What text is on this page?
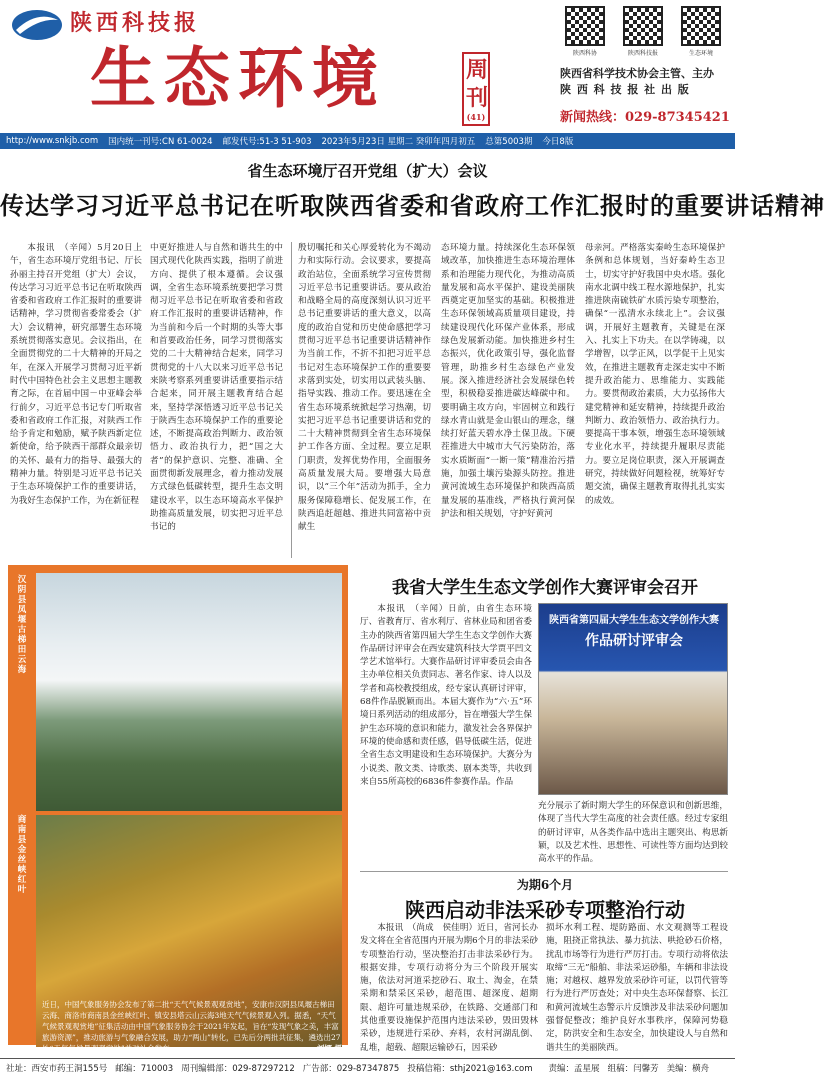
陕西科技报
生态环境	周刊
(41)
陕西科协	陕西科技报	生态环境
陕西省科学技术协会主管、主办
陕 西 科 技 报 社 出 版
新闻热线：029-87345421
http://www.snkjb.com 国内统一刊号:CN 61-0024 邮发代号:51-3 51-903 2023年5月23日 星期二 癸卯年四月初五 总第5003期 今日8版
省生态环境厅召开党组（扩大）会议
传达学习习近平总书记在听取陕西省委和省政府工作汇报时的重要讲话精神

本报讯　（辛闻）5月20日上午，省生态环境厅党组书记、厅长孙丽主持召开党组（扩大）会议，传达学习习近平总书记在听取陕西省委和省政府工作汇报时的重要讲话精神，学习贯彻省委常委会（扩大）会议精神，研究部署生态环境系统贯彻落实意见。会议指出，在全面贯彻党的二十大精神的开局之年，在深入开展学习贯彻习近平新时代中国特色社会主义思想主题教育之际，在首届中国－中亚峰会举行前夕，习近平总书记专门听取省委和省政府工作汇报，对陕西工作给予肯定和勉励，赋予陕西新定位新使命，给予陕西干部群众最亲切的关怀、最有力的指导、最强大的精神力量。特别是习近平总书记关于生态环境保护工作的重要讲话，为我好生态保护工作，为在新征程

中更好推进人与自然和谐共生的中国式现代化陕西实践，指明了前进方向、提供了根本遵循。会议强调，全省生态环境系统要把学习贯彻习近平总书记在听取省委和省政府工作汇报时的重要讲话精神，作为当前和今后一个时期的头等大事和首要政治任务，同学习贯彻落实党的二十大精神结合起来，同学习贯彻党的十八大以来习近平总书记来陕考察系列重要讲话重要指示结合起来，同开展主题教育结合起来，坚持学深悟透习近平总书记关于陕西生态环境保护工作的重要论述，不断提高政治判断力、政治领悟力、政治执行力，把“国之大者”的保护意识、完整、准确、全面贯彻新发展理念，着力推动发展方式绿色低碳转型，提升生态文明建设水平，以生态环境高水平保护助推高质量发展，切实把习近平总书记的

殷切嘱托和关心厚爱转化为不竭动力和实际行动。会议要求，要提高政治站位，全面系统学习宣传贯彻习近平总书记重要讲话。要从政治和战略全局的高度深刻认识习近平总书记重要讲话的重大意义，以高度的政治自觉和历史使命感把学习贯彻习近平总书记重要讲话精神作为当前工作，不折不扣把习近平总书记对生态环境保护工作的重要要求落到实处，切实用以武装头脑、指导实践、推动工作。要迅速在全省生态环境系统掀起学习热潮，切实把习近平总书记重要讲话和党的二十大精神贯彻到全省生态环境保护工作各方面、全过程。要立足职门职责，发挥优势作用，全面服务高质量发展大局。要增强大局意识，以“三个年”活动为抓手，全力服务保障稳增长、促发展工作，在陕西追赶超越、推进共同富裕中贡献生

态环境力量。持续深化生态环保领域改革，加快推进生态环境治理体系和治理能力现代化，为推动高质量发展和高水平保护、建设美丽陕西奠定更加坚实的基础。积极推进生态环保领域高质量项目建设，持续建设现代化环保产业体系，形成绿色发展新动能。加快推进乡村生态振兴，优化政策引导，强化监督管理，助推乡村生态绿色产业发展。深入推进经济社会发展绿色转型，积极稳妥推进碳达峰碳中和。要明确主攻方向，牢固树立和践行绿水青山就是金山银山的理念，继续打好蓝天碧水净土保卫战。下硬茬推进大中城市大气污染防治，落实水质断面“一断一策”精准治污措施，加强土壤污染源头防控。推进黄河流域生态环境保护和陕西高质量发展的基准线，严格执行黄河保护法和相关规划，守护好黄河

母亲河。严格落实秦岭生态环境保护条例和总体规划，当好秦岭生态卫士，切实守护好我国中央水塔。强化南水北调中线工程水源地保护，扎实推进陕南硫铁矿水质污染专项整治，确保“一泓清水永续北上”。会议强调，开展好主题教育，关键是在深入、扎实上下功夫。在以学铸魂，以学增智，以学正风，以学促干上见实效，在推进主题教育走深走实中不断提升政治能力、思维能力、实践能力。要贯彻政治素质，大力弘扬伟大建党精神和延安精神，持续提升政治判断力、政治领悟力、政治执行力。要提高干事本领，增强生态环境领域专业化水平，持续提升履职尽责能力。要立足岗位职责，深入开展调查研究，持续做好问题检视，统筹好专题交流，确保主题教育取得扎扎实实的成效。

汉阴县凤堰古梯田云海
商南县金丝峡红叶
近日，中国气象服务协会发布了第二批“天气气候景观观赏地”，安康市汉阴县凤堰古梯田云海、商洛市商南县金丝峡红叶、镇安县塔云山云海3地天气气候景观入列。据悉，“天气气候景观观赏地”征集活动由中国气象服务协会于2021年发起，旨在“发现气象之美，丰富旅游资源”，推动旅游与气象融合发展，助力“两山”转化，已先后分两批共征集，遴选出27处“天气气候景观观赏地”并对社会发布。	刘娜 摄
我省大学生生态文学创作大赛评审会召开

本报讯　（辛闻）日前，由省生态环境厅、省教育厅、省水利厅、省林业局和团省委主办的陕西省第四届大学生生态文学创作大赛作品研讨评审会在西安建筑科技大学贾平凹文学艺术馆举行。大赛作品研讨评审委员会由各主办单位相关负责同志、著名作家、诗人以及学者和高校教授组成，经专家认真研讨评审，68件作品脱颖而出。本届大赛作为“六·五”环境日系列活动的组成部分，旨在增强大学生保护生态环境的意识和能力，激发社会各界保护环境的使命感和责任感，倡导低碳生活，促进全省生态文明建设和生态环境保护。大赛分为小说类、散文类、诗歌类、剧本类等，共收到来自55所高校的6836件参赛作品。作品

陕西省第四届大学生生态文学创作大赛
作品研讨评审会

充分展示了新时期大学生的环保意识和创新思维，体现了当代大学生高度的社会责任感。经过专家组的研讨评审，从各类作品中选出主题突出、构思新颖，以及艺术性、思想性、可读性等方面均达到较高水平的作品。

为期6个月
陕西启动非法采砂专项整治行动

本报讯　（尚成　侯佳明）近日，省河长办发文将在全省范围内开展为期6个月的非法采砂专项整治行动，坚决整治打击非法采砂行为。根据安排，专项行动将分为三个阶段开展实施，依法对河道采挖砂石、取土、淘金，在禁采期和禁采区采砂，超范围、超深度、超期限、超许可量违规采砂，在铁路、交通部门和其他重要设施保护范围内违法采砂，毁田毁林采砂，违规进行采砂、弃料，农村河湖乱倒、乱堆，超载、超限运输砂石，因采砂

损坏水利工程、堤防路面、水文观测等工程设施，阻挠正常执法、暴力抗法、哄抢砂石价格，扰乱市场等行为进行严厉打击。专项行动将依法取缔“三无”船舶、非法采运砂船，车辆和非法设施；对越权、越界发放采砂许可证，以罚代管等行为进行严厉查处；对中央生态环保督察、长江和黄河流域生态警示片反馈涉及非法采砂问题加强督促整改；维护良好水事秩序，保障河势稳定，防洪安全和生态安全，加快建设人与自然和谐共生的美丽陕西。

社址：西安市药王洞155号 邮编：710003 周刊编辑部：029-87297212 广告部：029-87347875 投稿信箱：sthj2021@163.com 责编：孟星展 组稿：闫馨芳 美编：横舟
